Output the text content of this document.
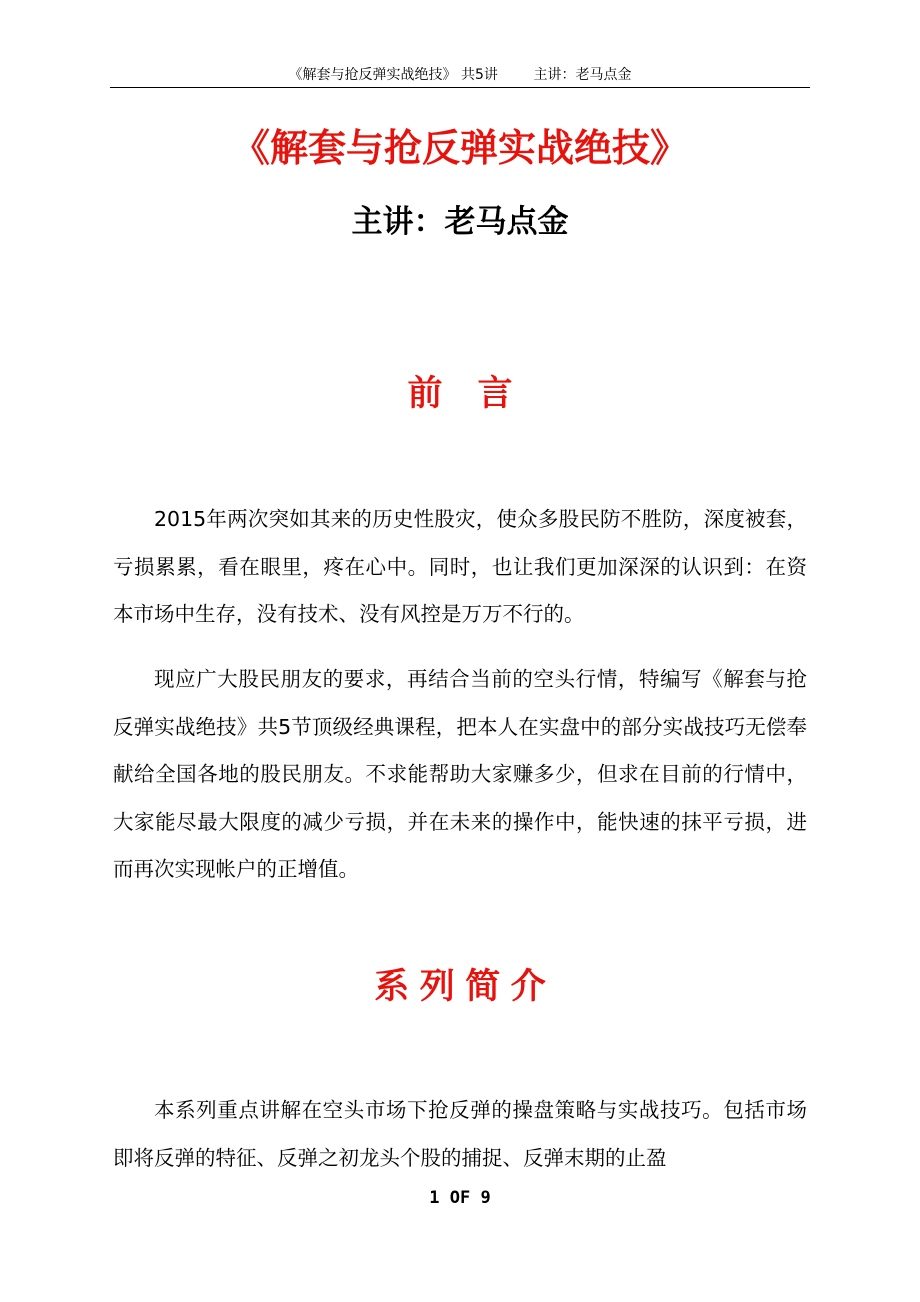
《解套与抢反弹实战绝技》 共5讲        主讲：老马点金
《解套与抢反弹实战绝技》
主讲：老马点金
前言

2015年两次突如其来的历史性股灾，使众多股民防不胜防，深度被套，亏损累累，看在眼里，疼在心中。同时，也让我们更加深深的认识到：在资本市场中生存，没有技术、没有风控是万万不行的。

现应广大股民朋友的要求，再结合当前的空头行情，特编写《解套与抢反弹实战绝技》共5节顶级经典课程，把本人在实盘中的部分实战技巧无偿奉献给全国各地的股民朋友。不求能帮助大家赚多少，但求在目前的行情中，大家能尽最大限度的减少亏损，并在未来的操作中，能快速的抹平亏损，进而再次实现帐户的正增值。

系列简介

本系列重点讲解在空头市场下抢反弹的操盘策略与实战技巧。包括市场即将反弹的特征、反弹之初龙头个股的捕捉、反弹末期的止盈

1 OF 9
